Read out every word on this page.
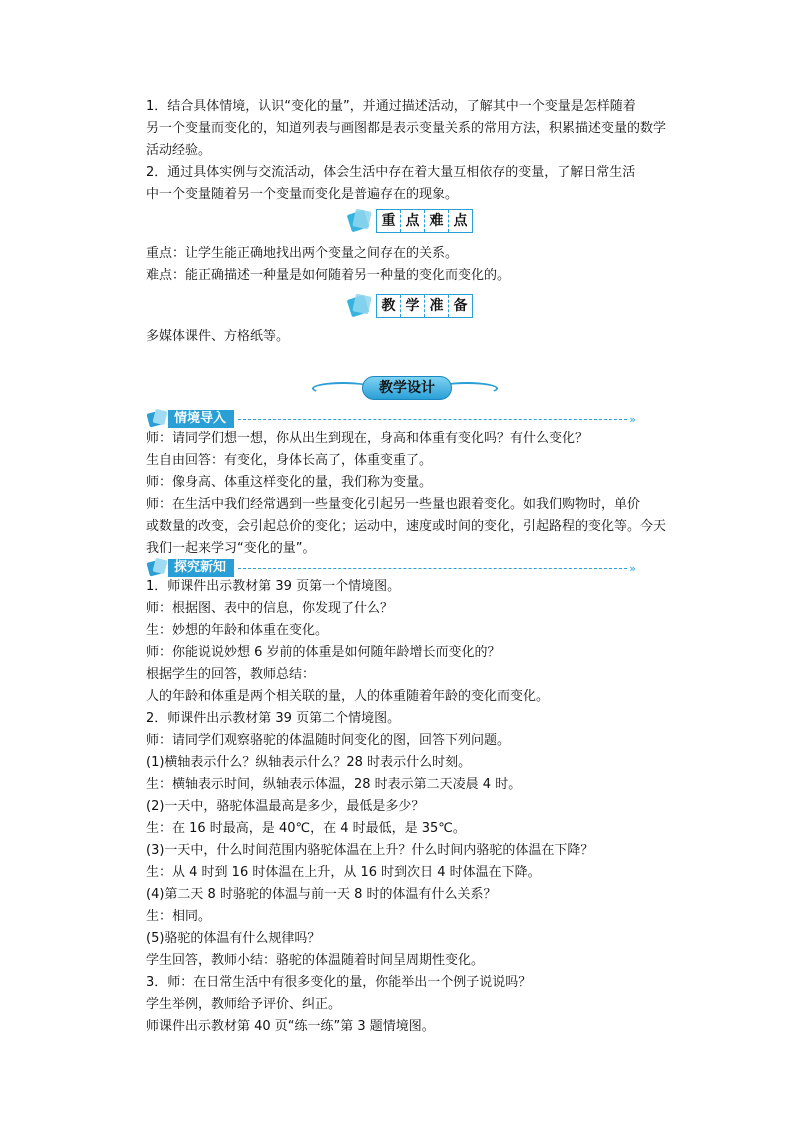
1．结合具体情境，认识“变化的量”，并通过描述活动，了解其中一个变量是怎样随着

另一个变量而变化的，知道列表与画图都是表示变量关系的常用方法，积累描述变量的数学

活动经验。

2．通过具体实例与交流活动，体会生活中存在着大量互相依存的变量，了解日常生活

中一个变量随着另一个变量而变化是普遍存在的现象。

重 点 难 点

重点：让学生能正确地找出两个变量之间存在的关系。

难点：能正确描述一种量是如何随着另一种量的变化而变化的。

教 学 准 备

多媒体课件、方格纸等。

教学设计
情境导入	»

师：请同学们想一想，你从出生到现在，身高和体重有变化吗？有什么变化？

生自由回答：有变化，身体长高了，体重变重了。

师：像身高、体重这样变化的量，我们称为变量。

师：在生活中我们经常遇到一些量变化引起另一些量也跟着变化。如我们购物时，单价

或数量的改变，会引起总价的变化；运动中，速度或时间的变化，引起路程的变化等。今天

我们一起来学习“变化的量”。

探究新知	»

1．师课件出示教材第 39 页第一个情境图。

师：根据图、表中的信息，你发现了什么？

生：妙想的年龄和体重在变化。

师：你能说说妙想 6 岁前的体重是如何随年龄增长而变化的？

根据学生的回答，教师总结：

人的年龄和体重是两个相关联的量，人的体重随着年龄的变化而变化。

2．师课件出示教材第 39 页第二个情境图。

师：请同学们观察骆驼的体温随时间变化的图，回答下列问题。

(1)横轴表示什么？纵轴表示什么？28 时表示什么时刻。

生：横轴表示时间，纵轴表示体温，28 时表示第二天凌晨 4 时。

(2)一天中，骆驼体温最高是多少，最低是多少？

生：在 16 时最高，是 40℃，在 4 时最低，是 35℃。

(3)一天中，什么时间范围内骆驼体温在上升？什么时间内骆驼的体温在下降？

生：从 4 时到 16 时体温在上升，从 16 时到次日 4 时体温在下降。

(4)第二天 8 时骆驼的体温与前一天 8 时的体温有什么关系？

生：相同。

(5)骆驼的体温有什么规律吗？

学生回答，教师小结：骆驼的体温随着时间呈周期性变化。

3．师：在日常生活中有很多变化的量，你能举出一个例子说说吗？

学生举例，教师给予评价、纠正。

师课件出示教材第 40 页“练一练”第 3 题情境图。
